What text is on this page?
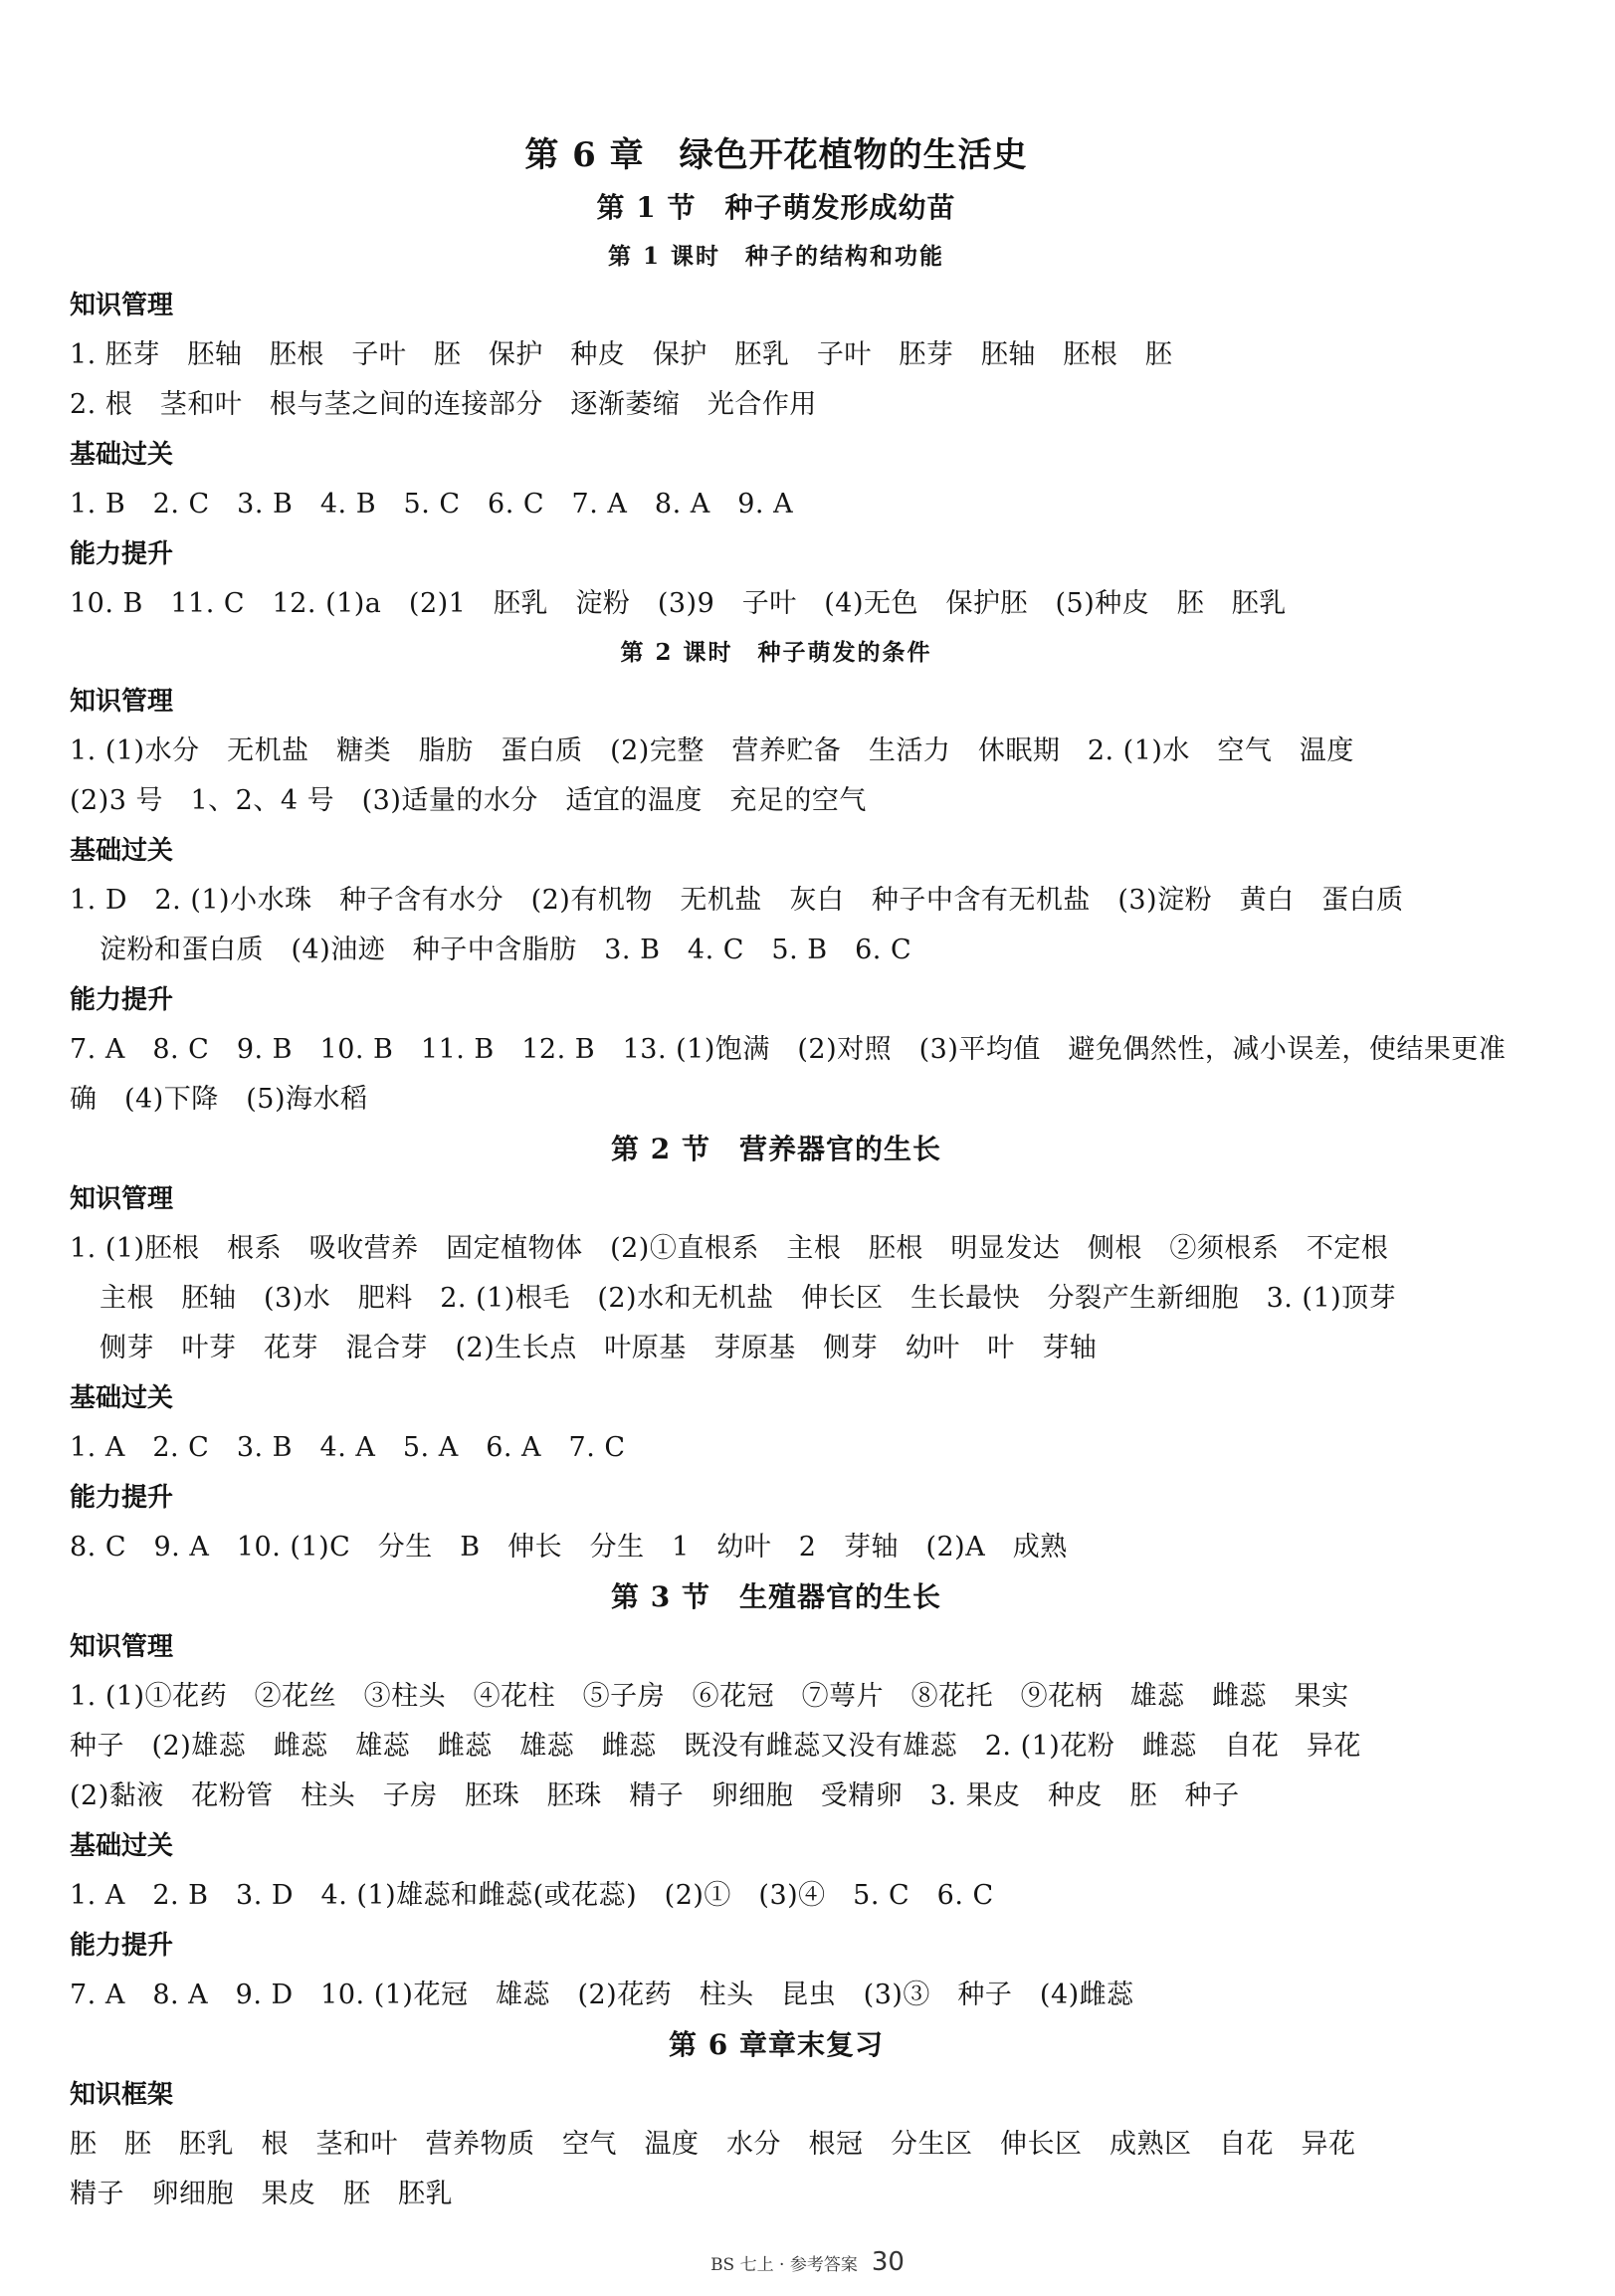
第 6 章　绿色开花植物的生活史
第 1 节　种子萌发形成幼苗
第 1 课时　种子的结构和功能
知识管理
1. 胚芽　胚轴　胚根　子叶　胚　保护　种皮　保护　胚乳　子叶　胚芽　胚轴　胚根　胚
2. 根　茎和叶　根与茎之间的连接部分　逐渐萎缩　光合作用
基础过关
1. B　2. C　3. B　4. B　5. C　6. C　7. A　8. A　9. A
能力提升
10. B　11. C　12. (1)a　(2)1　胚乳　淀粉　(3)9　子叶　(4)无色　保护胚　(5)种皮　胚　胚乳
第 2 课时　种子萌发的条件
知识管理
1. (1)水分　无机盐　糖类　脂肪　蛋白质　(2)完整　营养贮备　生活力　休眠期　2. (1)水　空气　温度
(2)3 号　1、2、4 号　(3)适量的水分　适宜的温度　充足的空气
基础过关
1. D　2. (1)小水珠　种子含有水分　(2)有机物　无机盐　灰白　种子中含有无机盐　(3)淀粉　黄白　蛋白质
淀粉和蛋白质　(4)油迹　种子中含脂肪　3. B　4. C　5. B　6. C
能力提升
7. A　8. C　9. B　10. B　11. B　12. B　13. (1)饱满　(2)对照　(3)平均值　避免偶然性，减小误差，使结果更准
确　(4)下降　(5)海水稻
第 2 节　营养器官的生长
知识管理
1. (1)胚根　根系　吸收营养　固定植物体　(2)①直根系　主根　胚根　明显发达　侧根　②须根系　不定根
主根　胚轴　(3)水　肥料　2. (1)根毛　(2)水和无机盐　伸长区　生长最快　分裂产生新细胞　3. (1)顶芽
侧芽　叶芽　花芽　混合芽　(2)生长点　叶原基　芽原基　侧芽　幼叶　叶　芽轴
基础过关
1. A　2. C　3. B　4. A　5. A　6. A　7. C
能力提升
8. C　9. A　10. (1)C　分生　B　伸长　分生　1　幼叶　2　芽轴　(2)A　成熟
第 3 节　生殖器官的生长
知识管理
1. (1)①花药　②花丝　③柱头　④花柱　⑤子房　⑥花冠　⑦萼片　⑧花托　⑨花柄　雄蕊　雌蕊　果实
种子　(2)雄蕊　雌蕊　雄蕊　雌蕊　雄蕊　雌蕊　既没有雌蕊又没有雄蕊　2. (1)花粉　雌蕊　自花　异花
(2)黏液　花粉管　柱头　子房　胚珠　胚珠　精子　卵细胞　受精卵　3. 果皮　种皮　胚　种子
基础过关
1. A　2. B　3. D　4. (1)雄蕊和雌蕊(或花蕊)　(2)①　(3)④　5. C　6. C
能力提升
7. A　8. A　9. D　10. (1)花冠　雄蕊　(2)花药　柱头　昆虫　(3)③　种子　(4)雌蕊
第 6 章章末复习
知识框架
胚　胚　胚乳　根　茎和叶　营养物质　空气　温度　水分　根冠　分生区　伸长区　成熟区　自花　异花
精子　卵细胞　果皮　胚　胚乳
BS 七上 · 参考答案 30
